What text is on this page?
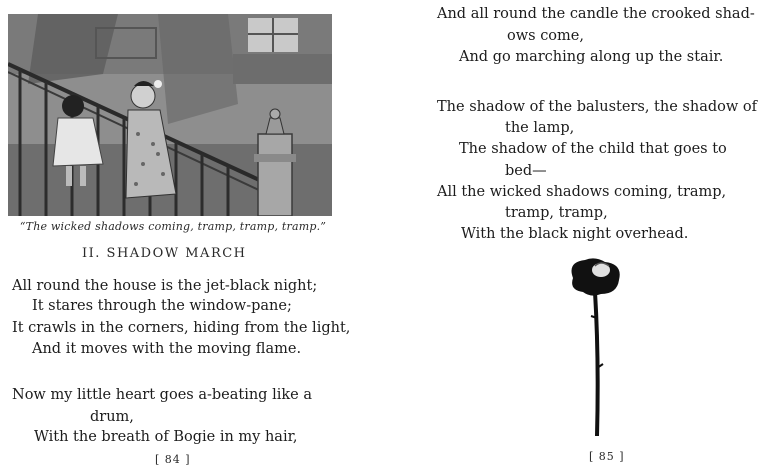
“The wicked shadows coming, tramp, tramp, tramp.”
II. SHADOW MARCH
All round the house is the jet-black night;
It stares through the window-pane;
It crawls in the corners, hiding from the light,
And it moves with the moving flame.
Now my little heart goes a-beating like a
drum,
With the breath of Bogie in my hair,
[ 84 ]
And all round the candle the crooked shad-
ows come,
And go marching along up the stair.
The shadow of the balusters, the shadow of
the lamp,
The shadow of the child that goes to
bed—
All the wicked shadows coming, tramp,
tramp, tramp,
With the black night overhead.
[ 85 ]
